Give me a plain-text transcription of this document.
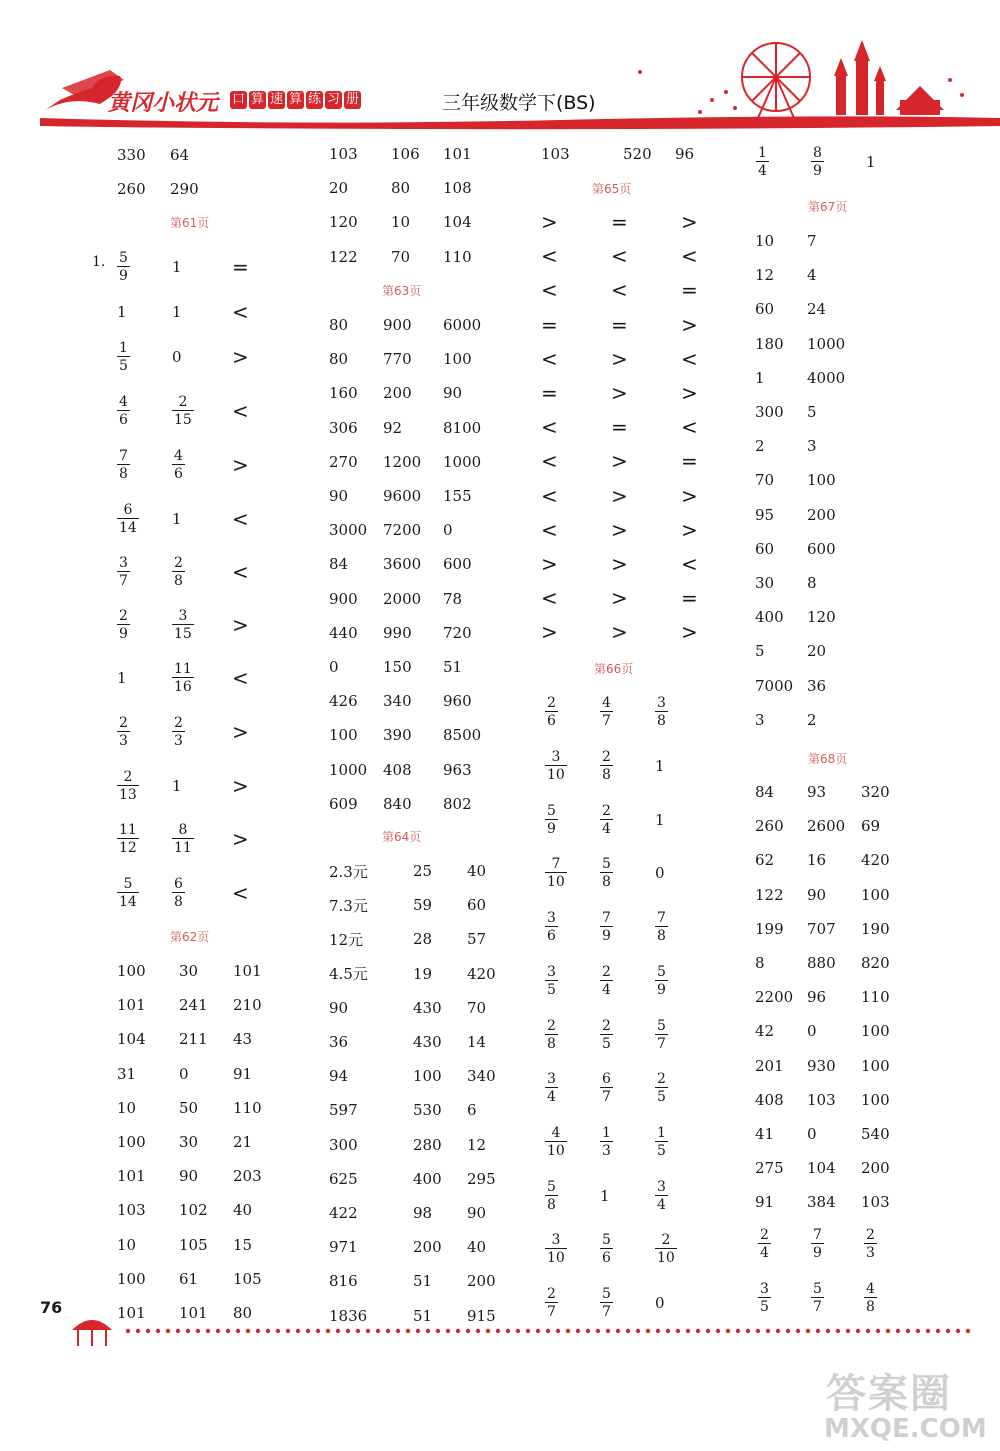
黄冈小状元 口 算 速 算 练 习 册	三年级数学下(BS)
330 64
260 290
第61页
1. $\frac{5}{9}$	1	=
1	1	<
$\frac{1}{5}$	0	>
$\frac{4}{6}$	$\frac{2}{15}$ <
$\frac{7}{8}$	$\frac{4}{6}$ >
$\frac{6}{14} 1$	<
$\frac{3}{7}$	$\frac{2}{8}$ <
$\frac{2}{9}$	$\frac{3}{15}$ >
1	$\frac{11}{16}$ <
$\frac{2}{3}$	$\frac{2}{3}$ >
$\frac{2}{13} 1$	>
$\frac{11}{12} \frac{8}{11}$ >
$\frac{5}{14} \frac{6}{8}$ <
第62页
100 30 101
101 241 210
104 211 43
31	0	91
10	50 110
100 30 21
101 90 203
103 102 40
10	105 15
100 61 105
101 101 80
103 106 101
20	80 108
120 10 104
122 70 110
第63页
80 900 6000
80 770 100
160 200 90
306 92	8100
270 1200 1000
90 9600 155
3000 7200 0
84 3600 600
900 2000 78
440 990 720
0	150 51
426 340 960
100 390 8500
1000 408 963
609 840 802
第64页
2.3元	25 40
7.3元	59 60
12元	28 57
4.5元	19 420
90	430 70
36	430 14
94	100 340
597	530 6
300	280 12
625	400 295
422	98 90
971	200 40
816	51 200
1836	51 915
103	520 96
第65页
>	=	>
<	<	<
<	<	=
=	=	>
<	>	<
=	>	>
<	=	<
<	>	=
<	>	>
<	>	>
>	>	<
<	>	=
>	>	>
第66页
$\frac{2}{6}$	$\frac{4}{7}$	$\frac{3}{8}$
$\frac{3}{10} \frac{2}{8}$	1
$\frac{5}{9}$	$\frac{2}{4}$	1
$\frac{7}{10} \frac{5}{8}$	0
$\frac{3}{6}$	$\frac{7}{9}$	$\frac{7}{8}$
$\frac{3}{5}$	$\frac{2}{4}$	$\frac{5}{9}$
$\frac{2}{8}$	$\frac{2}{5}$	$\frac{5}{7}$
$\frac{3}{4}$	$\frac{6}{7}$	$\frac{2}{5}$
$\frac{4}{10} \frac{1}{3}$	$\frac{1}{5}$
$\frac{5}{8}$	1	$\frac{3}{4}$
$\frac{3}{10} \frac{5}{6}$	$\frac{2}{10}$
$\frac{2}{7}$	$\frac{5}{7}$	0
$\frac{1}{4}$	$\frac{8}{9}$	1
第67页
10 7
12 4
60 24
180 1000
1	4000
300 5
2	3
70 100
95 200
60 600
30 8
400 120
5	20
7000 36
3	2
第68页
84 93 320
260 2600 69
62 16 420
122 90 100
199 707 190
8	880 820
2200 96 110
42 0	100
201 930 100
408 103 100
41 0	540
275 104 200
91 384 103
$\frac{2}{4}$	$\frac{7}{9}$	$\frac{2}{3}$
$\frac{3}{5}$	$\frac{5}{7}$	$\frac{4}{8}$
76
答案圈
MXQE.COM
